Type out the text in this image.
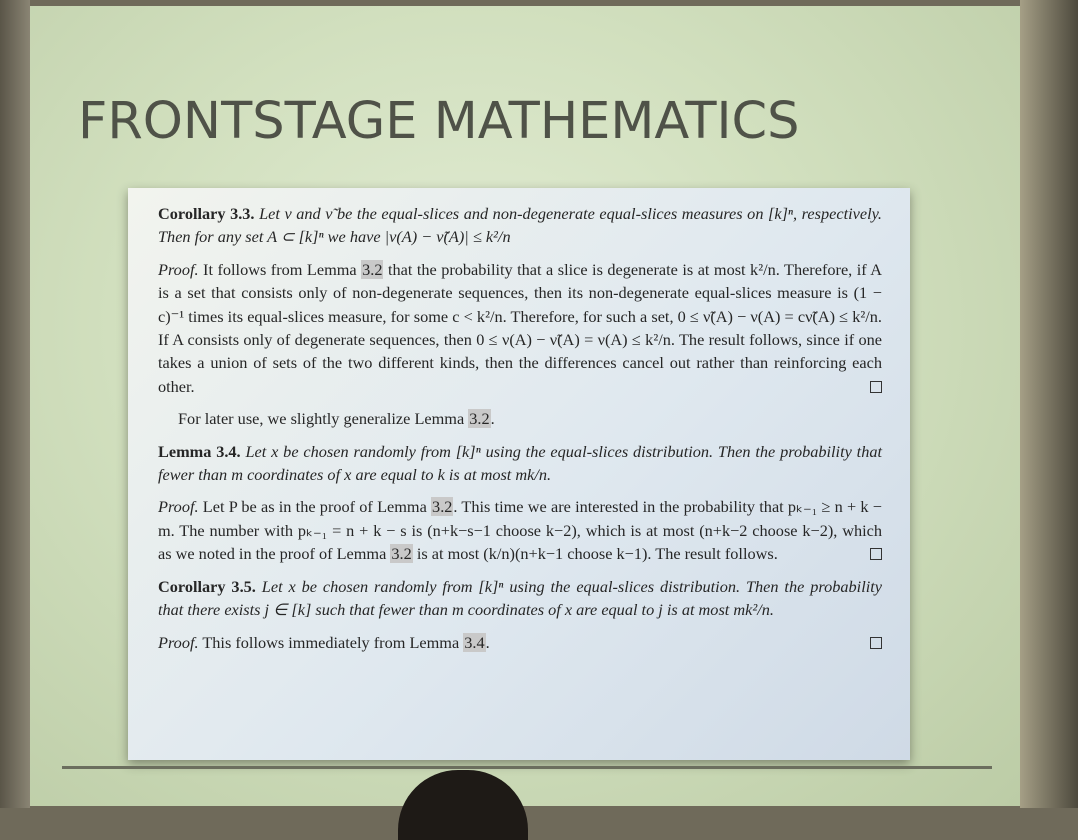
FRONTSTAGE MATHEMATICS
Corollary 3.3. Let ν and ν̃ be the equal-slices and non-degenerate equal-slices measures on [k]ⁿ, respectively. Then for any set A ⊂ [k]ⁿ we have |ν(A) − ν̃(A)| ≤ k²/n
Proof. It follows from Lemma 3.2 that the probability that a slice is degenerate is at most k²/n. Therefore, if A is a set that consists only of non-degenerate sequences, then its non-degenerate equal-slices measure is (1 − c)⁻¹ times its equal-slices measure, for some c < k²/n. Therefore, for such a set, 0 ≤ ν̃(A) − ν(A) = cν̃(A) ≤ k²/n. If A consists only of degenerate sequences, then 0 ≤ ν(A) − ν̃(A) = ν(A) ≤ k²/n. The result follows, since if one takes a union of sets of the two different kinds, then the differences cancel out rather than reinforcing each other.
For later use, we slightly generalize Lemma 3.2.
Lemma 3.4. Let x be chosen randomly from [k]ⁿ using the equal-slices distribution. Then the probability that fewer than m coordinates of x are equal to k is at most mk/n.
Proof. Let P be as in the proof of Lemma 3.2. This time we are interested in the probability that pₖ₋₁ ≥ n + k − m. The number with pₖ₋₁ = n + k − s is (n+k−s−1 choose k−2), which is at most (n+k−2 choose k−2), which as we noted in the proof of Lemma 3.2 is at most (k/n)(n+k−1 choose k−1). The result follows.
Corollary 3.5. Let x be chosen randomly from [k]ⁿ using the equal-slices distribution. Then the probability that there exists j ∈ [k] such that fewer than m coordinates of x are equal to j is at most mk²/n.
Proof. This follows immediately from Lemma 3.4.
